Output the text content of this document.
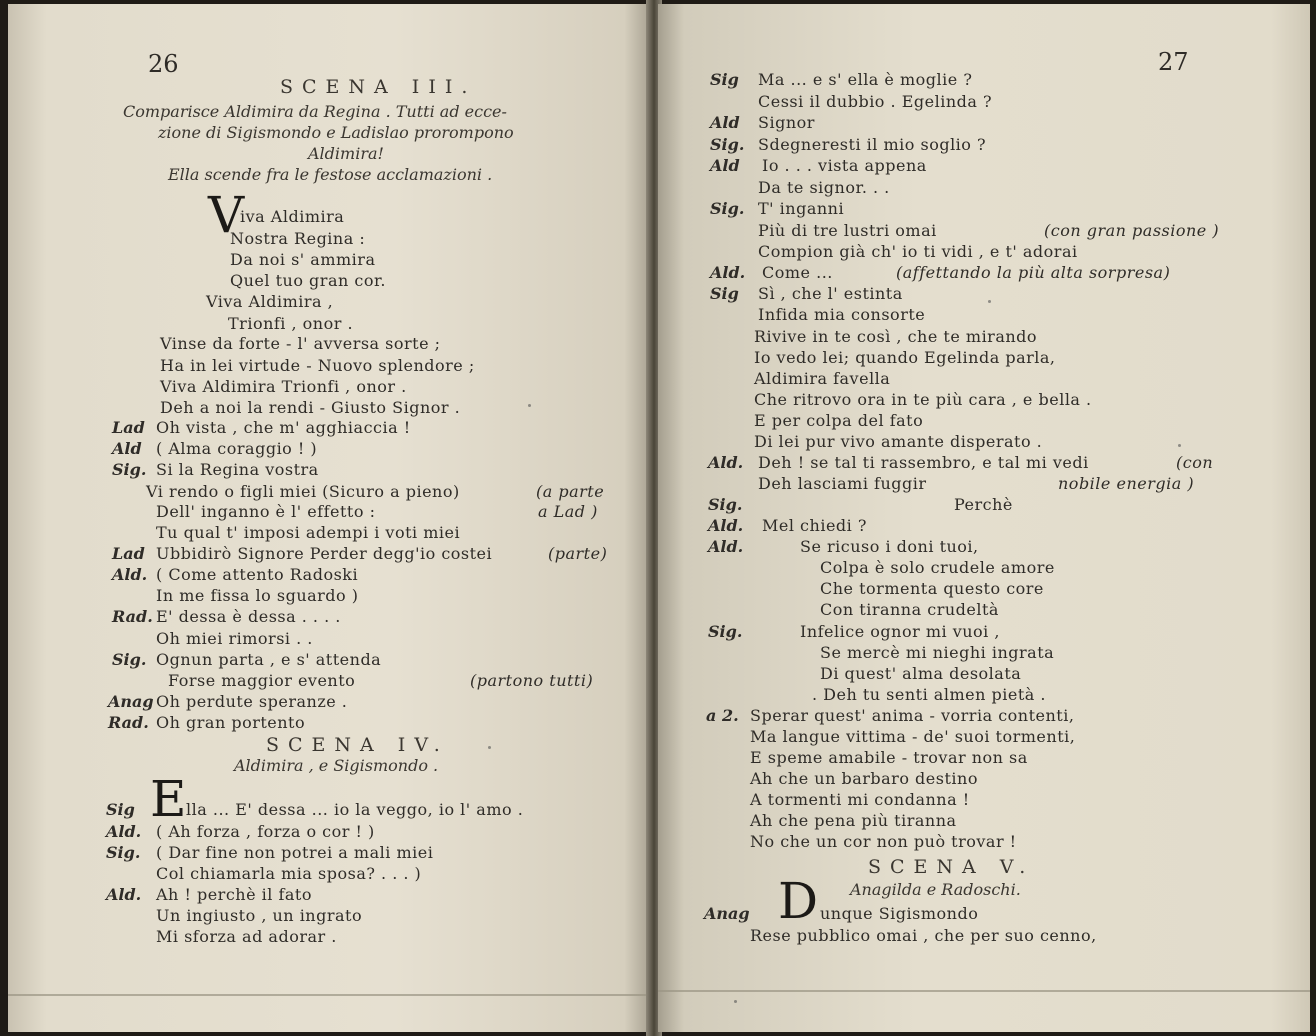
26
SCENA III.
Comparisce Aldimira da Regina . Tutti ad ecce-
zione di Sigismondo e Ladislao prorompono
Aldimira!
Ella scende fra le festose acclamazioni .
V
iva Aldimira
Nostra Regina :
Da noi s' ammira
Quel tuo gran cor.
Viva Aldimira ,
Trionfi , onor .
Vinse da forte - l' avversa sorte ;
Ha in lei virtude - Nuovo splendore ;
Viva Aldimira Trionfi , onor .
Deh a noi la rendi - Giusto Signor .
Lad Oh vista , che m' agghiaccia !
Ald ( Alma coraggio ! )
Sig. Si la Regina vostra
Vi rendo o figli miei (Sicuro a pieno)	(a parte
Dell' inganno è l' effetto :	a Lad )
Tu qual t' imposi adempi i voti miei
Lad Ubbidirò Signore Perder degg'io costei	(parte)
Ald. ( Come attento Radoski
In me fissa lo sguardo )
Rad. E' dessa è dessa . . . .
Oh miei rimorsi . .
Sig. Ognun parta , e s' attenda
Forse maggior evento	(partono tutti)
Anag Oh perdute speranze .
Rad. Oh gran portento
SCENA IV.
Aldimira , e Sigismondo .
E
Sig	lla ... E' dessa ... io la veggo, io l' amo .
Ald. ( Ah forza , forza o cor ! )
Sig. ( Dar fine non potrei a mali miei
Col chiamarla mia sposa? . . . )
Ald. Ah ! perchè il fato
Un ingiusto , un ingrato
Mi sforza ad adorar .
27
Sig Ma ... e s' ella è moglie ?
Cessi il dubbio . Egelinda ?
Ald Signor
Sig. Sdegneresti il mio soglio ?
Ald Io . . . vista appena
Da te signor. . .
Sig. T' inganni
Più di tre lustri omai	(con gran passione )
Compion già ch' io ti vidi , e t' adorai
Ald. Come ...	(affettando la più alta sorpresa)
Sig Sì , che l' estinta
Infida mia consorte
Rivive in te così , che te mirando
Io vedo lei; quando Egelinda parla,
Aldimira favella
Che ritrovo ora in te più cara , e bella .
E per colpa del fato
Di lei pur vivo amante disperato .
Ald. Deh ! se tal ti rassembro, e tal mi vedi	(con
Deh lasciami fuggir	nobile energia )
Sig.	Perchè
Ald. Mel chiedi ?
Ald.	Se ricuso i doni tuoi,
Colpa è solo crudele amore
Che tormenta questo core
Con tiranna crudeltà
Sig.	Infelice ognor mi vuoi ,
Se mercè mi nieghi ingrata
Di quest' alma desolata
. Deh tu senti almen pietà .
a 2. Sperar quest' anima - vorria contenti,
Ma langue vittima - de' suoi tormenti,
E speme amabile - trovar non sa
Ah che un barbaro destino
A tormenti mi condanna !
Ah che pena più tiranna
No che un cor non può trovar !
SCENA V.
Anagilda e Radoschi.
D
Anag	unque Sigismondo
Rese pubblico omai , che per suo cenno,
